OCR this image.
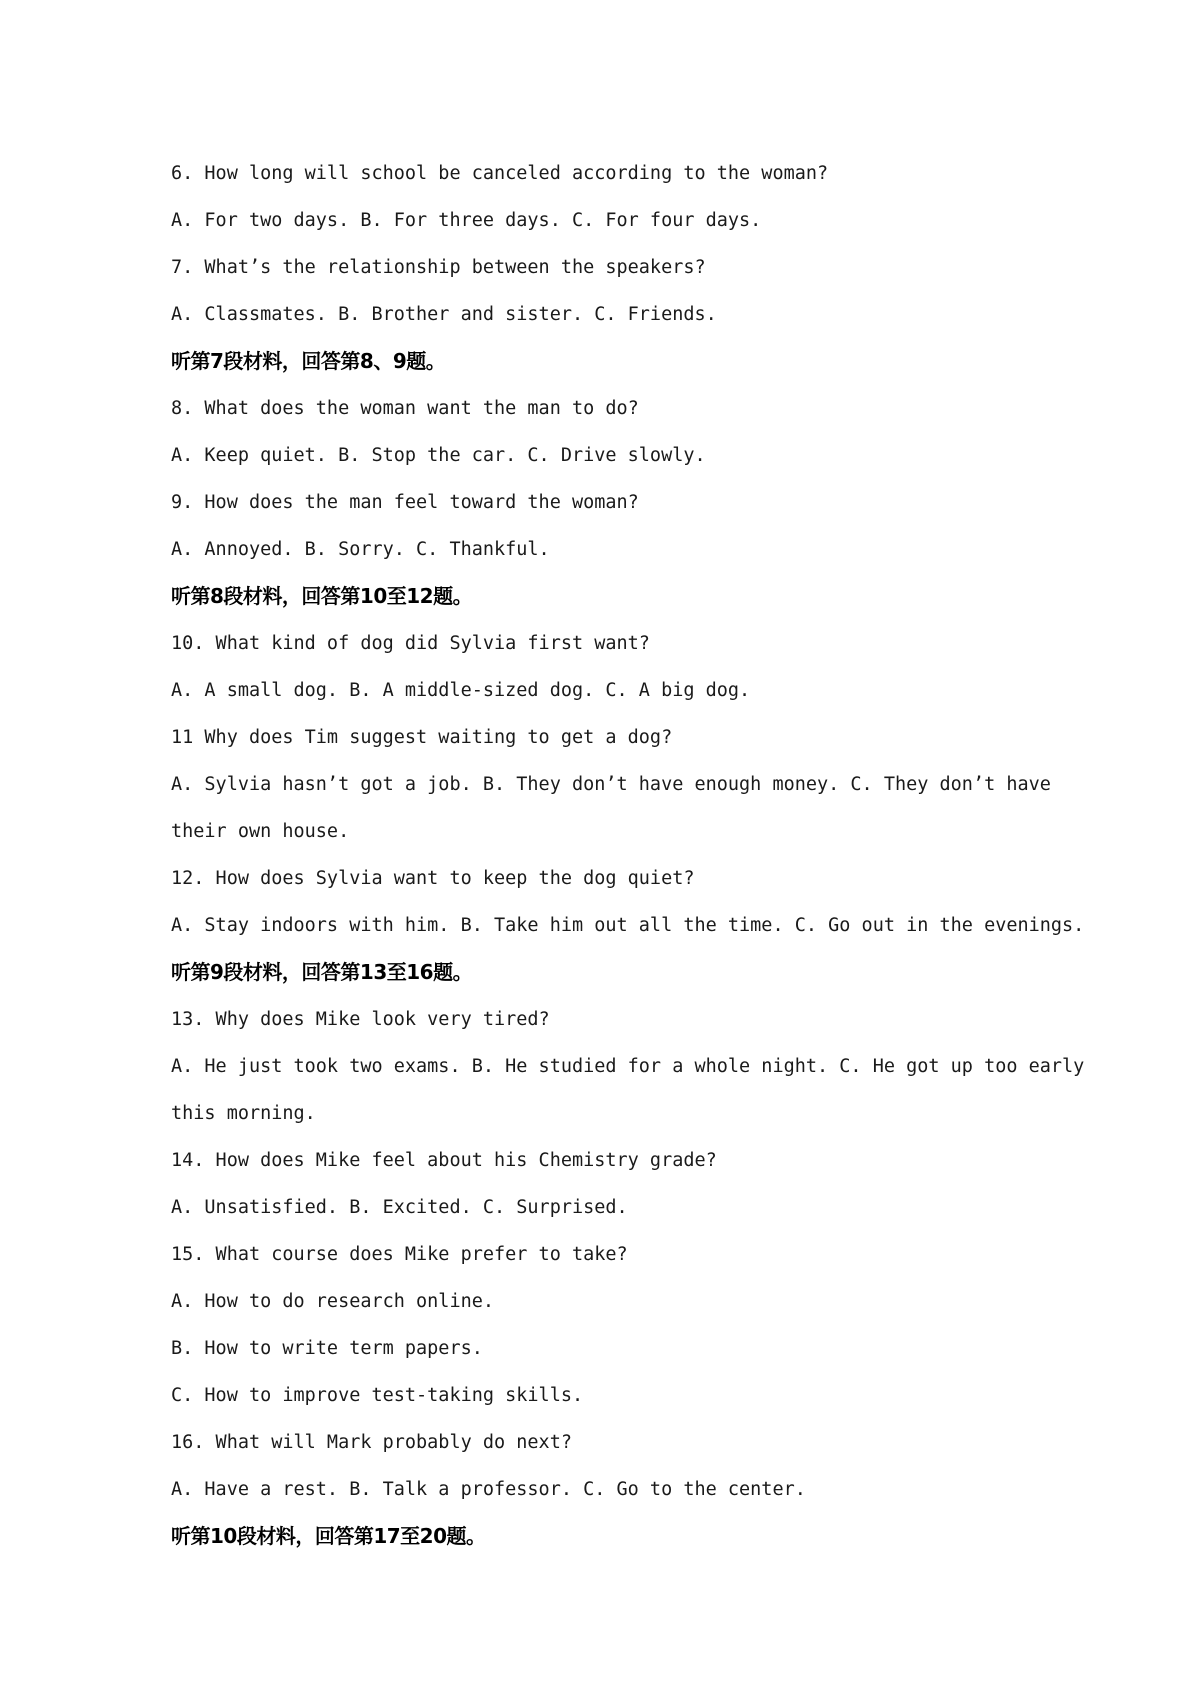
6. How long will school be canceled according to the woman?
A. For two days. B. For three days. C. For four days.
7. What’s the relationship between the speakers?
A. Classmates. B. Brother and sister. C. Friends.
听第7段材料，回答第8、9题。
8. What does the woman want the man to do?
A. Keep quiet. B. Stop the car. C. Drive slowly.
9. How does the man feel toward the woman?
A. Annoyed. B. Sorry. C. Thankful.
听第8段材料，回答第10至12题。
10. What kind of dog did Sylvia first want?
A. A small dog. B. A middle-sized dog. C. A big dog.
11 Why does Tim suggest waiting to get a dog?
A. Sylvia hasn’t got a job. B. They don’t have enough money. C. They don’t have
their own house.
12. How does Sylvia want to keep the dog quiet?
A. Stay indoors with him. B. Take him out all the time. C. Go out in the evenings.
听第9段材料，回答第13至16题。
13. Why does Mike look very tired?
A. He just took two exams. B. He studied for a whole night. C. He got up too early
this morning.
14. How does Mike feel about his Chemistry grade?
A. Unsatisfied. B. Excited. C. Surprised.
15. What course does Mike prefer to take?
A. How to do research online.
B. How to write term papers.
C. How to improve test-taking skills.
16. What will Mark probably do next?
A. Have a rest. B. Talk a professor. C. Go to the center.
听第10段材料，回答第17至20题。
